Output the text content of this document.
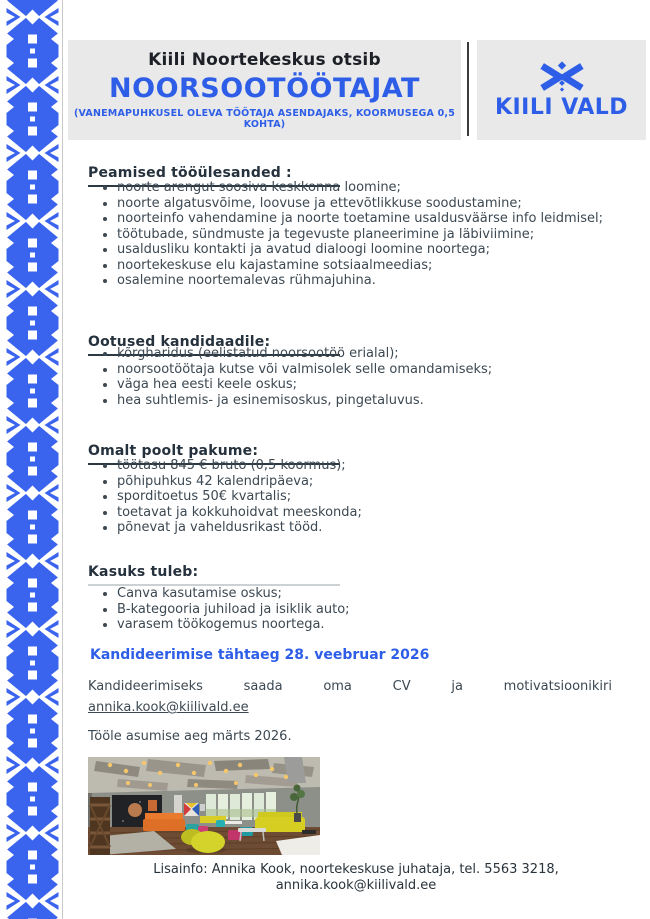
Kiili Noortekeskus otsib
NOORSOOTÖÖTAJAT
(VANEMAPUHKUSEL OLEVA TÖÖTAJA ASENDAJAKS, KOORMUSEGA 0,5 KOHTA)
KIILI VALD
Peamised tööülesanded :
• noorte arengut soosiva keskkonna loomine;
• noorte algatusvõime, loovuse ja ettevõtlikkuse soodustamine;
• noorteinfo vahendamine ja noorte toetamine usaldusväärse info leidmisel;
• töötubade, sündmuste ja tegevuste planeerimine ja läbiviimine;
• usaldusliku kontakti ja avatud dialoogi loomine noortega;
• noortekeskuse elu kajastamine sotsiaalmeedias;
• osalemine noortemalevas rühmajuhina.
Ootused kandidaadile:
• kõrgharidus (eelistatud noorsootöö erialal);
• noorsootöötaja kutse või valmisolek selle omandamiseks;
• väga hea eesti keele oskus;
• hea suhtlemis- ja esinemisoskus, pingetaluvus.
Omalt poolt pakume:
• töötasu 845 € bruto (0,5 koormus);
• põhipuhkus 42 kalendripäeva;
• sporditoetus 50€ kvartalis;
• toetavat ja kokkuhoidvat meeskonda;
• põnevat ja vaheldusrikast tööd.
Kasuks tuleb:
• Canva kasutamise oskus;
• B-kategooria juhiload ja isiklik auto;
• varasem töökogemus noortega.
Kandideerimise tähtaeg 28. veebruar 2026
Kandideerimiseks saada oma CV ja motivatsioonikiri
annika.kook@kiilivald.ee
Tööle asumise aeg märts 2026.
Lisainfo: Annika Kook, noortekeskuse juhataja, tel. 5563 3218,
annika.kook@kiilivald.ee
